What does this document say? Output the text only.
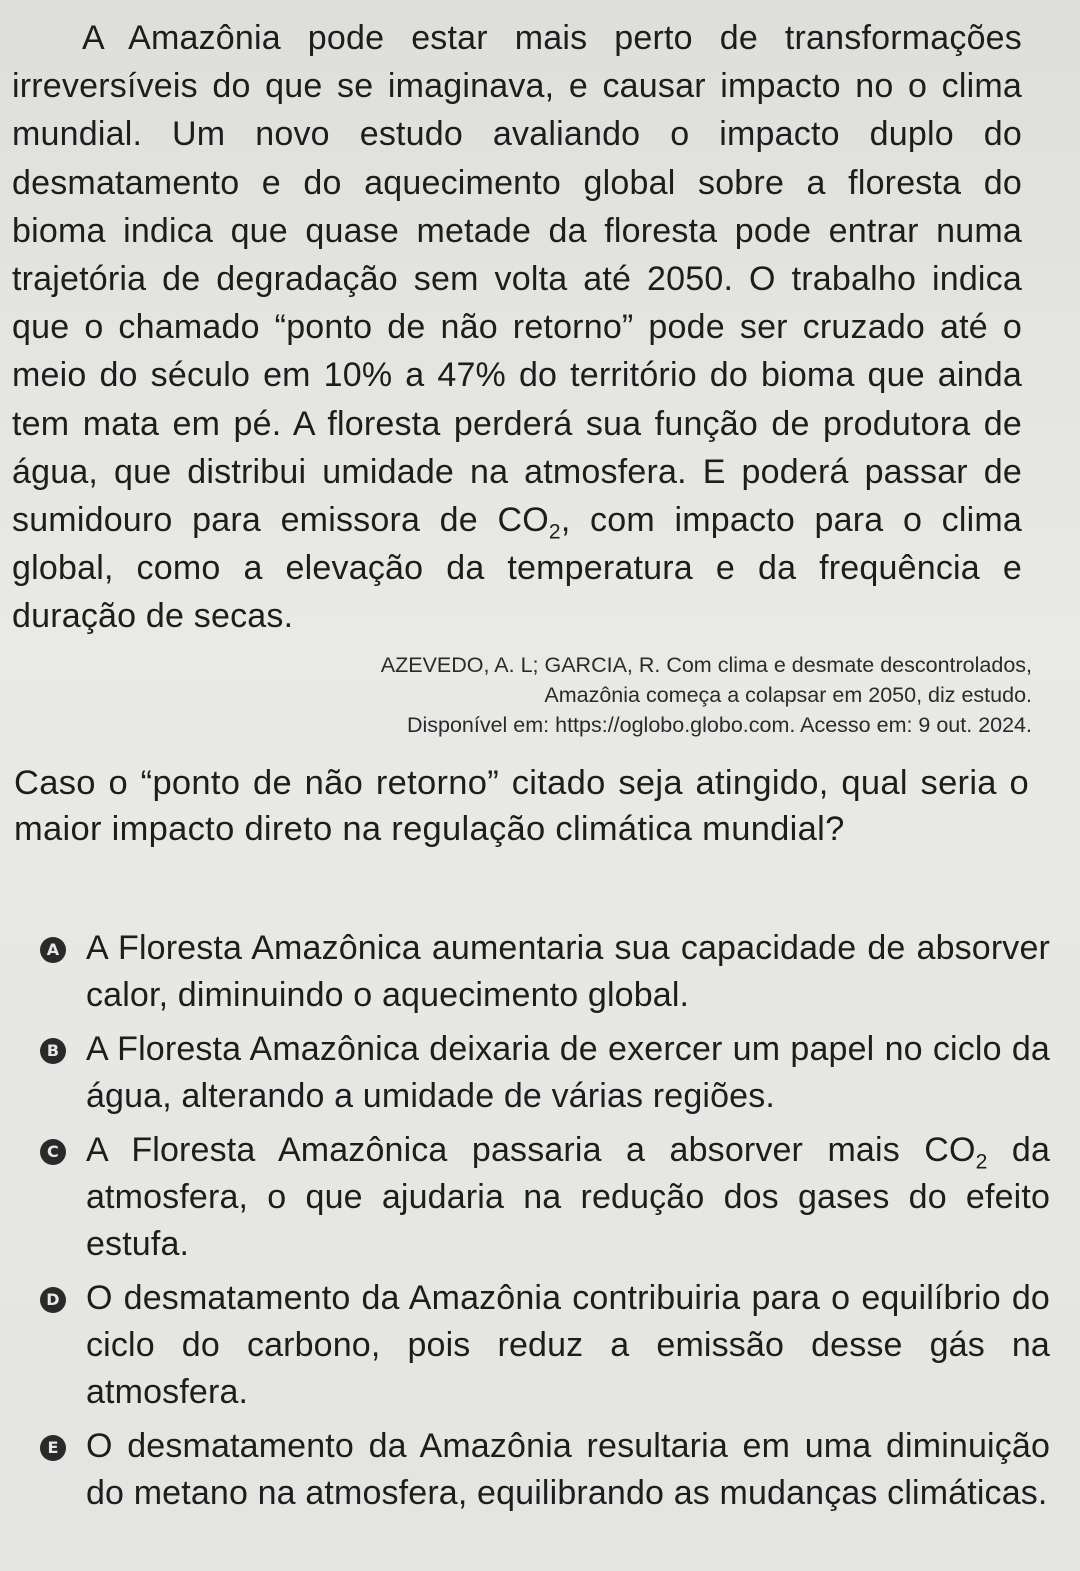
A Amazônia pode estar mais perto de transformações irreversíveis do que se imaginava, e causar impacto no o clima mundial. Um novo estudo avaliando o impacto duplo do desmatamento e do aquecimento global sobre a floresta do bioma indica que quase metade da floresta pode entrar numa trajetória de degradação sem volta até 2050. O trabalho indica que o chamado “ponto de não retorno” pode ser cruzado até o meio do século em 10% a 47% do território do bioma que ainda tem mata em pé. A floresta perderá sua função de produtora de água, que distribui umidade na atmosfera. E poderá passar de sumidouro para emissora de $CO_2$, com impacto para o clima global, como a elevação da temperatura e da frequência e duração de secas.

AZEVEDO, A. L; GARCIA, R. Com clima e desmate descontrolados,
Amazônia começa a colapsar em 2050, diz estudo.
Disponível em: https://oglobo.globo.com. Acesso em: 9 out. 2024.

Caso o “ponto de não retorno” citado seja atingido, qual seria o maior impacto direto na regulação climática mundial?

A A Floresta Amazônica aumentaria sua capacidade de absorver calor, diminuindo o aquecimento global.
B A Floresta Amazônica deixaria de exercer um papel no ciclo da água, alterando a umidade de várias regiões.
C A Floresta Amazônica passaria a absorver mais $CO_2$ da atmosfera, o que ajudaria na redução dos gases do efeito estufa.
D O desmatamento da Amazônia contribuiria para o equilíbrio do ciclo do carbono, pois reduz a emissão desse gás na atmosfera.
E O desmatamento da Amazônia resultaria em uma diminuição do metano na atmosfera, equilibrando as mudanças climáticas.
